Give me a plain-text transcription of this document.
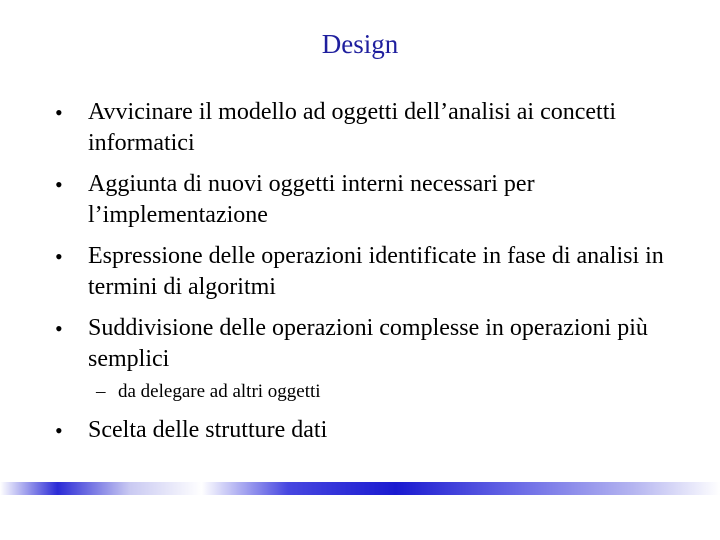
Design
•	Avvicinare il modello ad oggetti dell’analisi ai concetti informatici
•	Aggiunta di nuovi oggetti interni necessari per l’implementazione
•	Espressione delle operazioni identificate in fase di analisi in termini di algoritmi
•	Suddivisione delle operazioni complesse in operazioni più semplici
– da delegare ad altri oggetti
•	Scelta delle strutture dati
